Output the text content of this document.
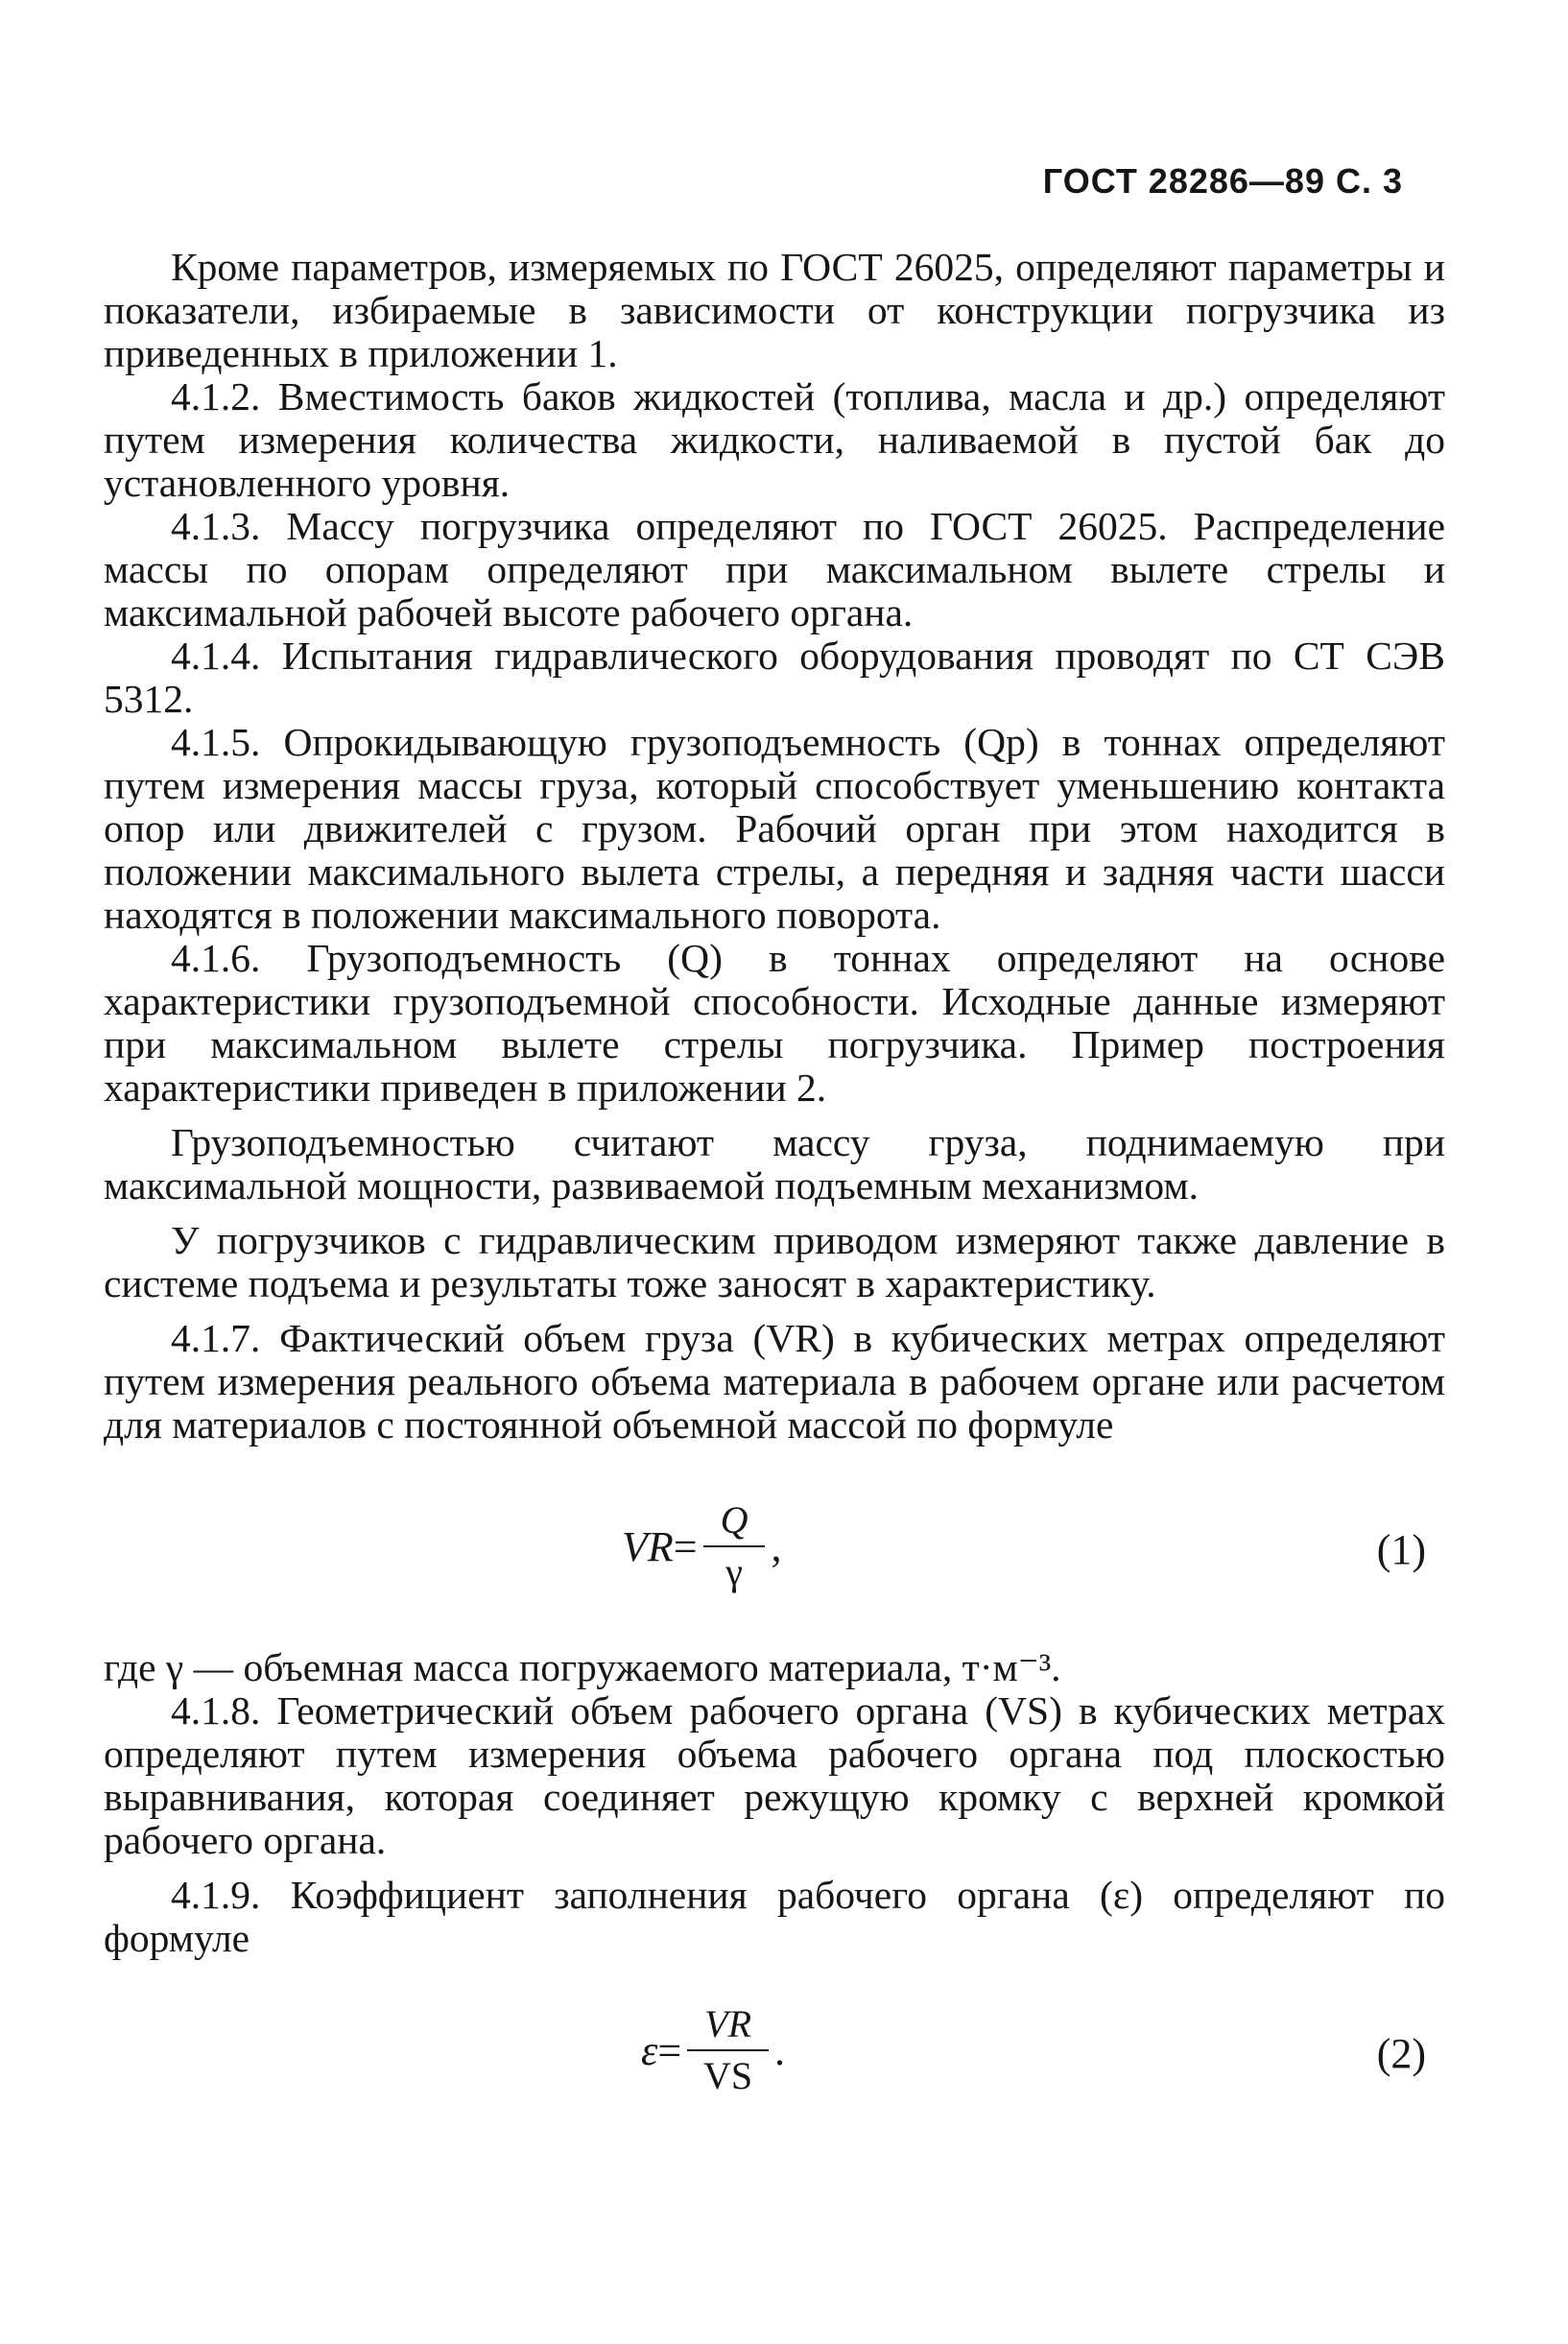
ГОСТ 28286—89 С. 3

Кроме параметров, измеряемых по ГОСТ 26025, определяют параметры и показатели, избираемые в зависимости от конструкции погрузчика из приведенных в приложении 1.

4.1.2. Вместимость баков жидкостей (топлива, масла и др.) определяют путем измерения количества жидкости, наливаемой в пустой бак до установленного уровня.

4.1.3. Массу погрузчика определяют по ГОСТ 26025. Распределение массы по опорам определяют при максимальном вылете стрелы и максимальной рабочей высоте рабочего органа.

4.1.4. Испытания гидравлического оборудования проводят по СТ СЭВ 5312.

4.1.5. Опрокидывающую грузоподъемность (Qp) в тоннах определяют путем измерения массы груза, который способствует уменьшению контакта опор или движителей с грузом. Рабочий орган при этом находится в положении максимального вылета стрелы, а передняя и задняя части шасси находятся в положении максимального поворота.

4.1.6. Грузоподъемность (Q) в тоннах определяют на основе характеристики грузоподъемной способности. Исходные данные измеряют при максимальном вылете стрелы погрузчика. Пример построения характеристики приведен в приложении 2.

Грузоподъемностью считают массу груза, поднимаемую при максимальной мощности, развиваемой подъемным механизмом.

У погрузчиков с гидравлическим приводом измеряют также давление в системе подъема и результаты тоже заносят в характеристику.

4.1.7. Фактический объем груза (VR) в кубических метрах определяют путем измерения реального объема материала в рабочем органе или расчетом для материалов с постоянной объемной массой по формуле

VR = $\frac{Q}{\gamma}$ ,	(1)

где γ — объемная масса погружаемого материала, т·м⁻³.

4.1.8. Геометрический объем рабочего органа (VS) в кубических метрах определяют путем измерения объема рабочего органа под плоскостью выравнивания, которая соединяет режущую кромку с верхней кромкой рабочего органа.

4.1.9. Коэффициент заполнения рабочего органа (ε) определяют по формуле

$\varepsilon = \frac{VR}{VS}$ .	(2)
